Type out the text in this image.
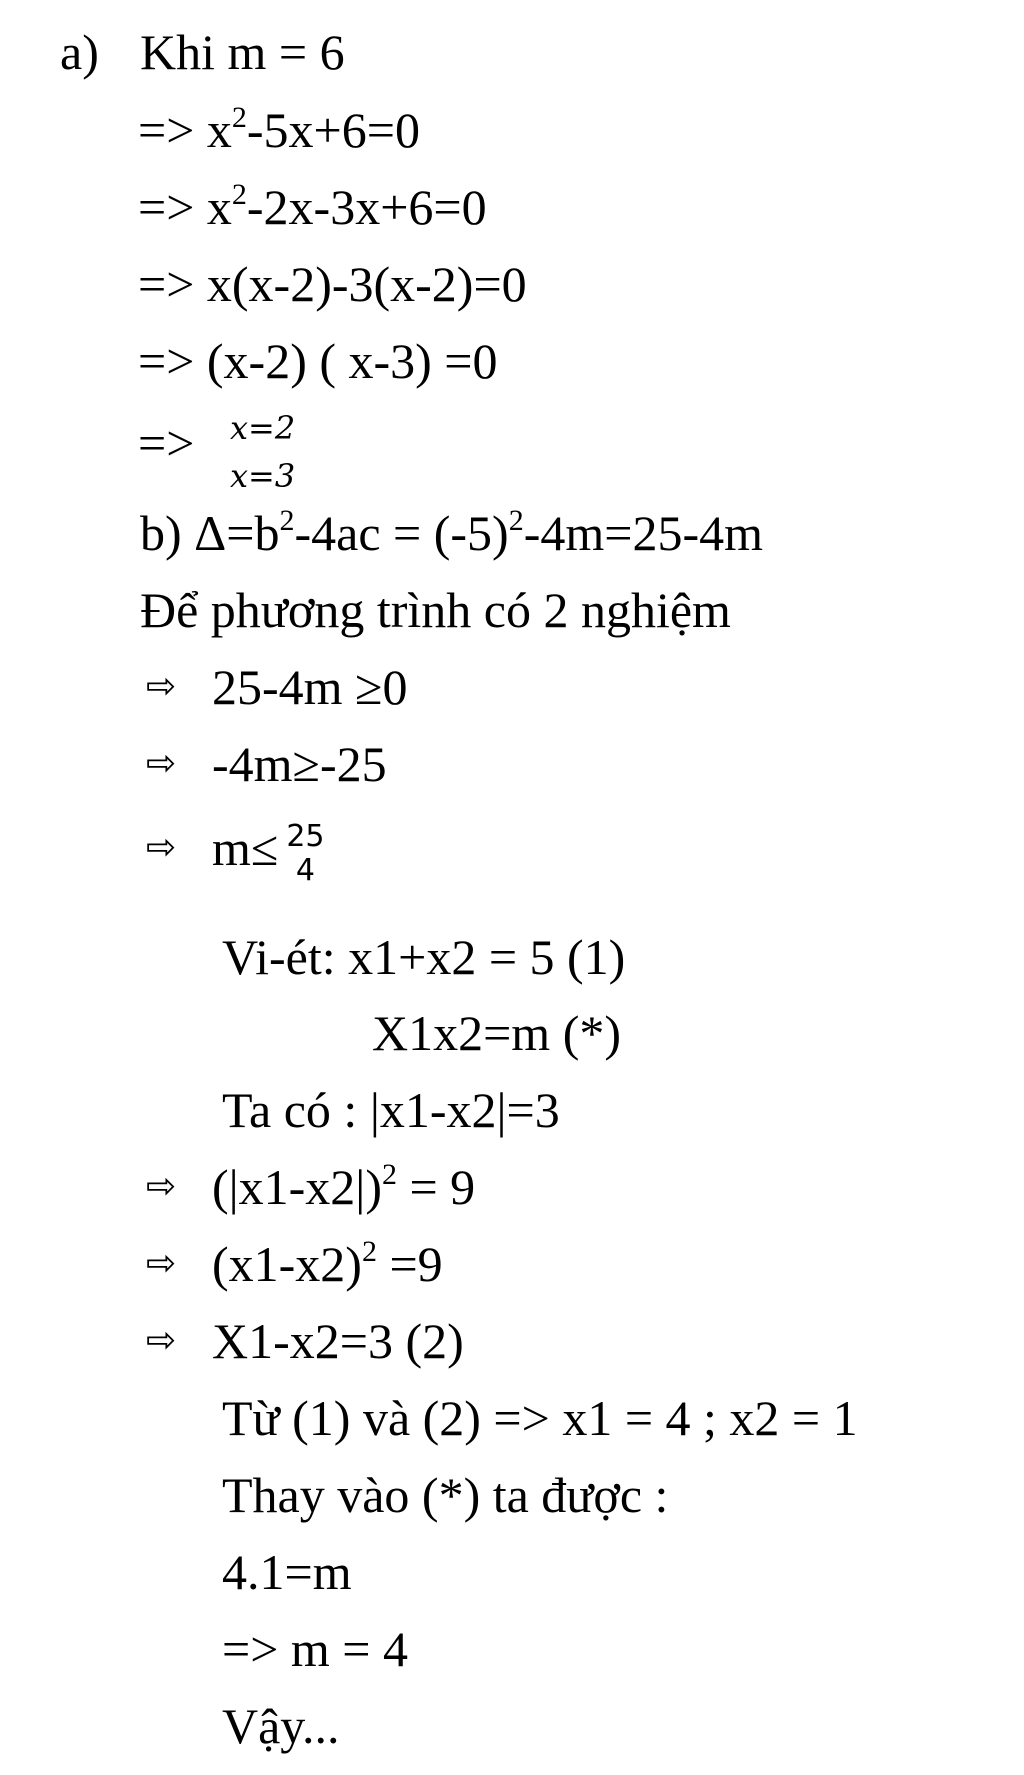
a) Khi m = 6
=> $x^2-5x+6=0$
=> $x^2-2x-3x+6=0$
=> x(x-2)-3(x-2)=0
=> (x-2) ( x-3) =0
=> x=2
x=3
b) $\Delta=b^2-4ac = (-5)^2-4m=25-4m$
Để phương trình có 2 nghiệm
⇨ 25-4m ≥0
⇨ -4m≥-25
⇨ m≤ 25
4
Vi-ét: x1+x2 = 5 (1)
X1x2=m (*)
Ta có : |x1-x2|=3
⇨ $(|x1-x2|)^2 = 9$
⇨ $(x1-x2)^2 =9$
⇨ X1-x2=3 (2)
Từ (1) và (2) => x1 = 4 ; x2 = 1
Thay vào (*) ta được :
4.1=m
=> m = 4
Vậy...
